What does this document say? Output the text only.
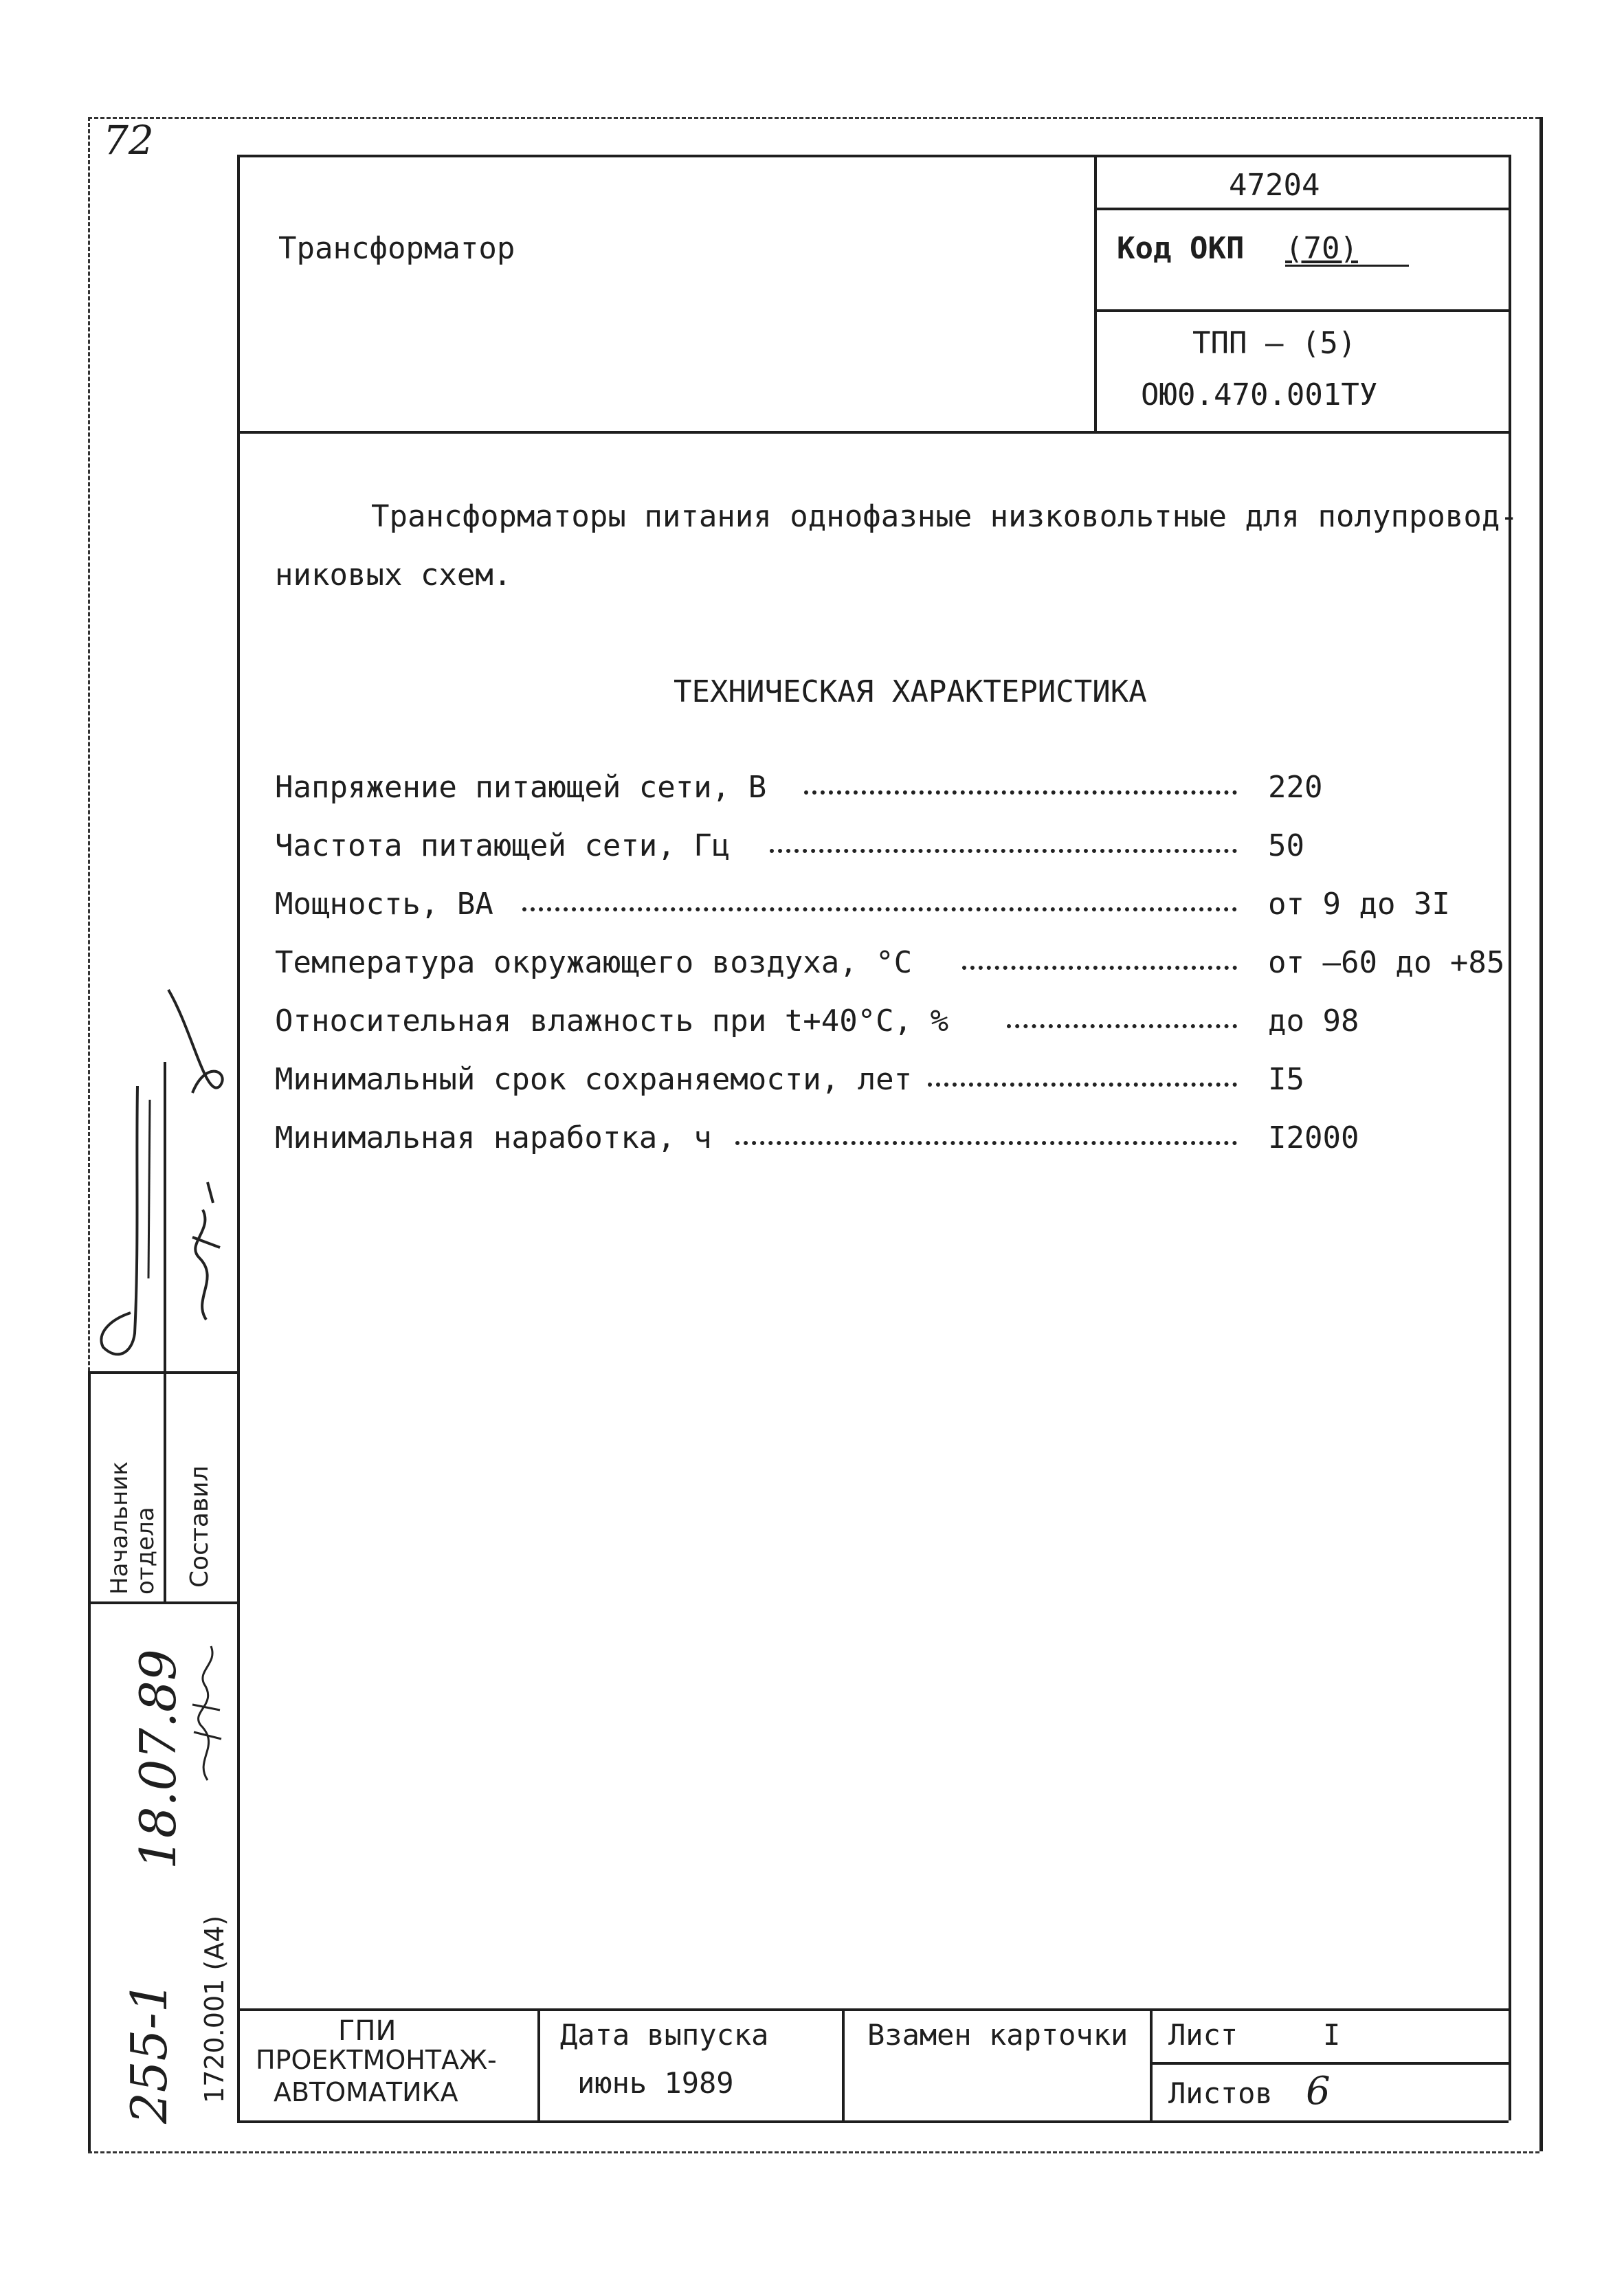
72
Трансформатор
47204
Код ОКП (70)
ТПП – (5)
ОЮ0.470.001ТУ
Трансформаторы питания однофазные низковольтные для полупровод-
никовых схем.
ТЕХНИЧЕСКАЯ ХАРАКТЕРИСТИКА
Напряжение питающей сети, В	220
Частота питающей сети, Гц	50
Мощность, ВА	от 9 до 3I
Температура окружающего воздуха, °С	от –60 до +85
Относительная влажность при t+40°С, %	до 98
Минимальный срок сохраняемости, лет	I5
Минимальная наработка, ч	I2000
ГПИ
ПРОЕКТМОНТАЖ-
АВТОМАТИКА
Дата выпуска
июнь 1989
Взамен карточки Лист	I
Листов 6
Начальник отдела Составил
1720.001 (А4)
18.07.89
255-1
